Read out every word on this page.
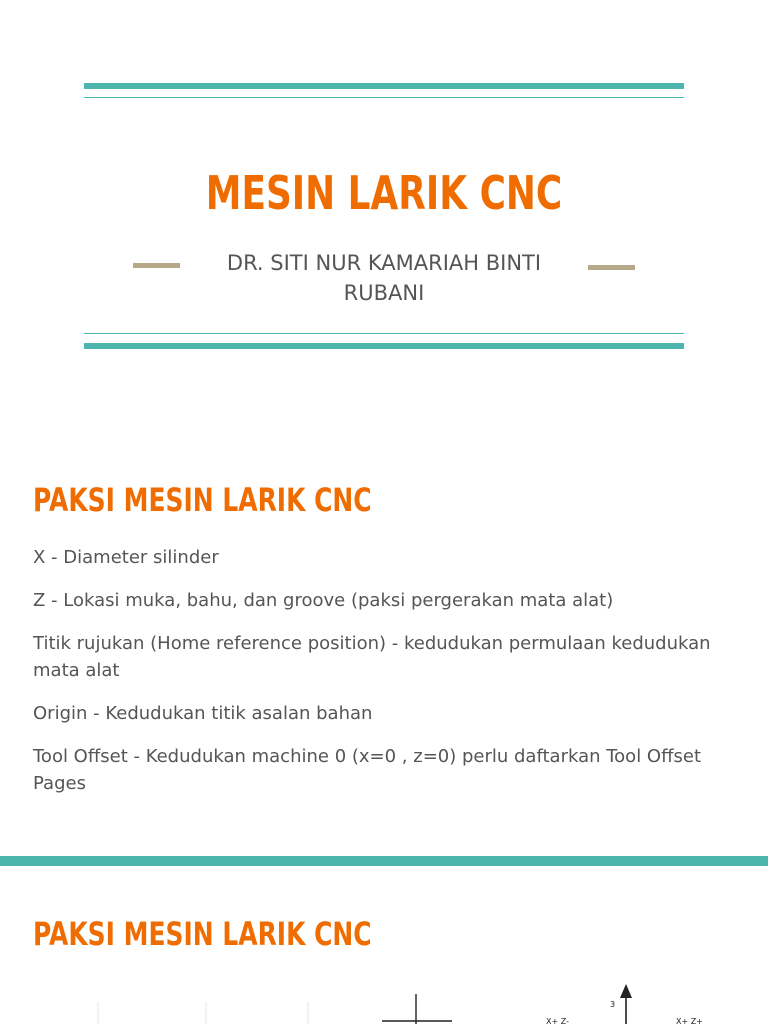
MESIN LARIK CNC
DR. SITI NUR KAMARIAH BINTI RUBANI
PAKSI MESIN LARIK CNC
X - Diameter silinder
Z - Lokasi muka, bahu, dan groove (paksi pergerakan mata alat)
Titik rujukan (Home reference position) - kedudukan permulaan kedudukan mata alat
Origin - Kedudukan titik asalan bahan
Tool Offset - Kedudukan machine 0 (x=0 , z=0) perlu daftarkan Tool Offset Pages
PAKSI MESIN LARIK CNC
3
X+ Z-	X+ Z+
